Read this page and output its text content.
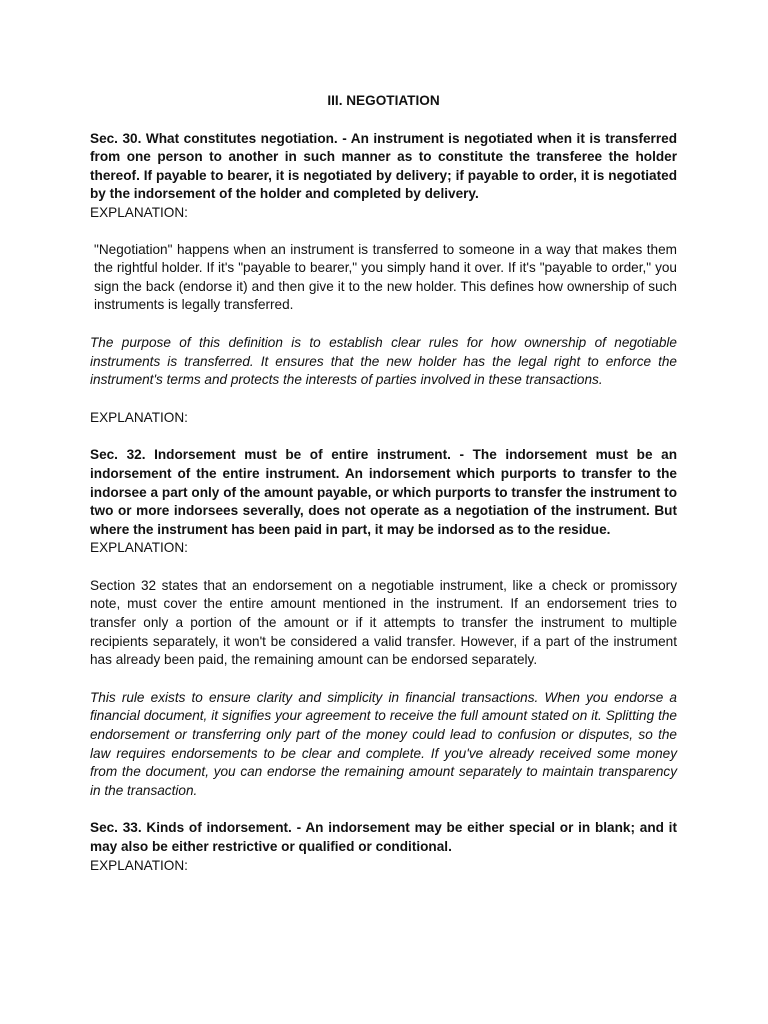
III. NEGOTIATION

Sec. 30. What constitutes negotiation. - An instrument is negotiated when it is transferred from one person to another in such manner as to constitute the transferee the holder thereof. If payable to bearer, it is negotiated by delivery; if payable to order, it is negotiated by the indorsement of the holder and completed by delivery.

EXPLANATION:

"Negotiation" happens when an instrument is transferred to someone in a way that makes them the rightful holder. If it's "payable to bearer," you simply hand it over. If it's "payable to order," you sign the back (endorse it) and then give it to the new holder. This defines how ownership of such instruments is legally transferred.

The purpose of this definition is to establish clear rules for how ownership of negotiable instruments is transferred. It ensures that the new holder has the legal right to enforce the instrument's terms and protects the interests of parties involved in these transactions.

EXPLANATION:

Sec. 32. Indorsement must be of entire instrument. - The indorsement must be an indorsement of the entire instrument. An indorsement which purports to transfer to the indorsee a part only of the amount payable, or which purports to transfer the instrument to two or more indorsees severally, does not operate as a negotiation of the instrument. But where the instrument has been paid in part, it may be indorsed as to the residue.

EXPLANATION:

Section 32 states that an endorsement on a negotiable instrument, like a check or promissory note, must cover the entire amount mentioned in the instrument. If an endorsement tries to transfer only a portion of the amount or if it attempts to transfer the instrument to multiple recipients separately, it won't be considered a valid transfer. However, if a part of the instrument has already been paid, the remaining amount can be endorsed separately.

This rule exists to ensure clarity and simplicity in financial transactions. When you endorse a financial document, it signifies your agreement to receive the full amount stated on it. Splitting the endorsement or transferring only part of the money could lead to confusion or disputes, so the law requires endorsements to be clear and complete. If you've already received some money from the document, you can endorse the remaining amount separately to maintain transparency in the transaction.

Sec. 33. Kinds of indorsement. - An indorsement may be either special or in blank; and it may also be either restrictive or qualified or conditional.

EXPLANATION:
